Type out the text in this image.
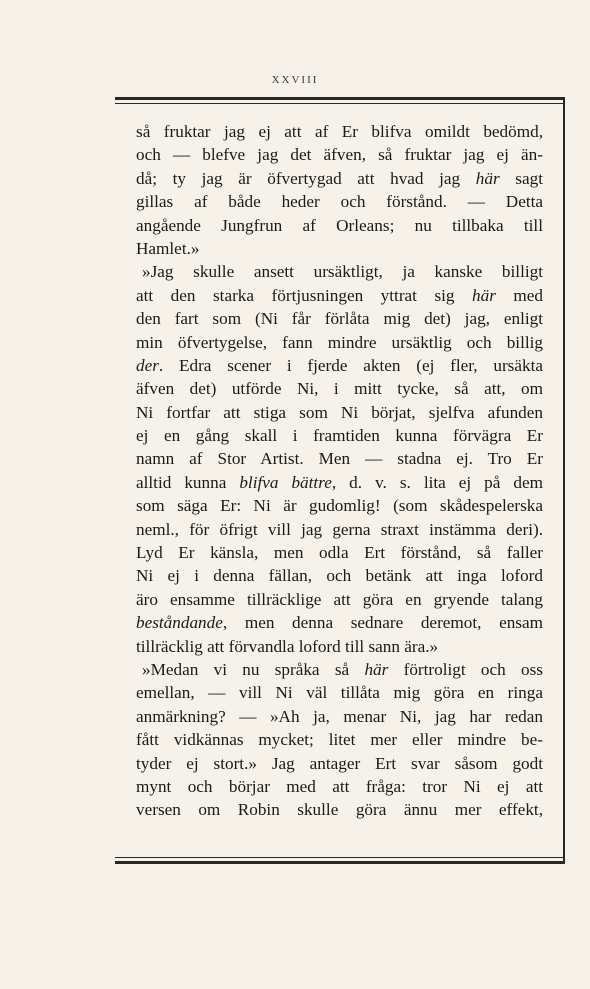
XXVIII
så fruktar jag ej att af Er blifva omildt bedömd,
och — blefve jag det äfven, så fruktar jag ej än-
då; ty jag är öfvertygad att hvad jag här sagt
gillas af både heder och förstånd. — Detta
angående Jungfrun af Orleans; nu tillbaka till
Hamlet.»
»Jag skulle ansett ursäktligt, ja kanske billigt
att den starka förtjusningen yttrat sig här med
den fart som (Ni får förlåta mig det) jag, enligt
min öfvertygelse, fann mindre ursäktlig och billig
der. Edra scener i fjerde akten (ej fler, ursäkta
äfven det) utförde Ni, i mitt tycke, så att, om
Ni fortfar att stiga som Ni börjat, sjelfva afunden
ej en gång skall i framtiden kunna förvägra Er
namn af Stor Artist. Men — stadna ej. Tro Er
alltid kunna blifva bättre, d. v. s. lita ej på dem
som säga Er: Ni är gudomlig! (som skådespelerska
neml., för öfrigt vill jag gerna straxt instämma deri).
Lyd Er känsla, men odla Ert förstånd, så faller
Ni ej i denna fällan, och betänk att inga loford
äro ensamme tillräcklige att göra en gryende talang
beståndande, men denna sednare deremot, ensam
tillräcklig att förvandla loford till sann ära.»
»Medan vi nu språka så här förtroligt och oss
emellan, — vill Ni väl tillåta mig göra en ringa
anmärkning? — »Ah ja, menar Ni, jag har redan
fått vidkännas mycket; litet mer eller mindre be-
tyder ej stort.» Jag antager Ert svar såsom godt
mynt och börjar med att fråga: tror Ni ej att
versen om Robin skulle göra ännu mer effekt,
